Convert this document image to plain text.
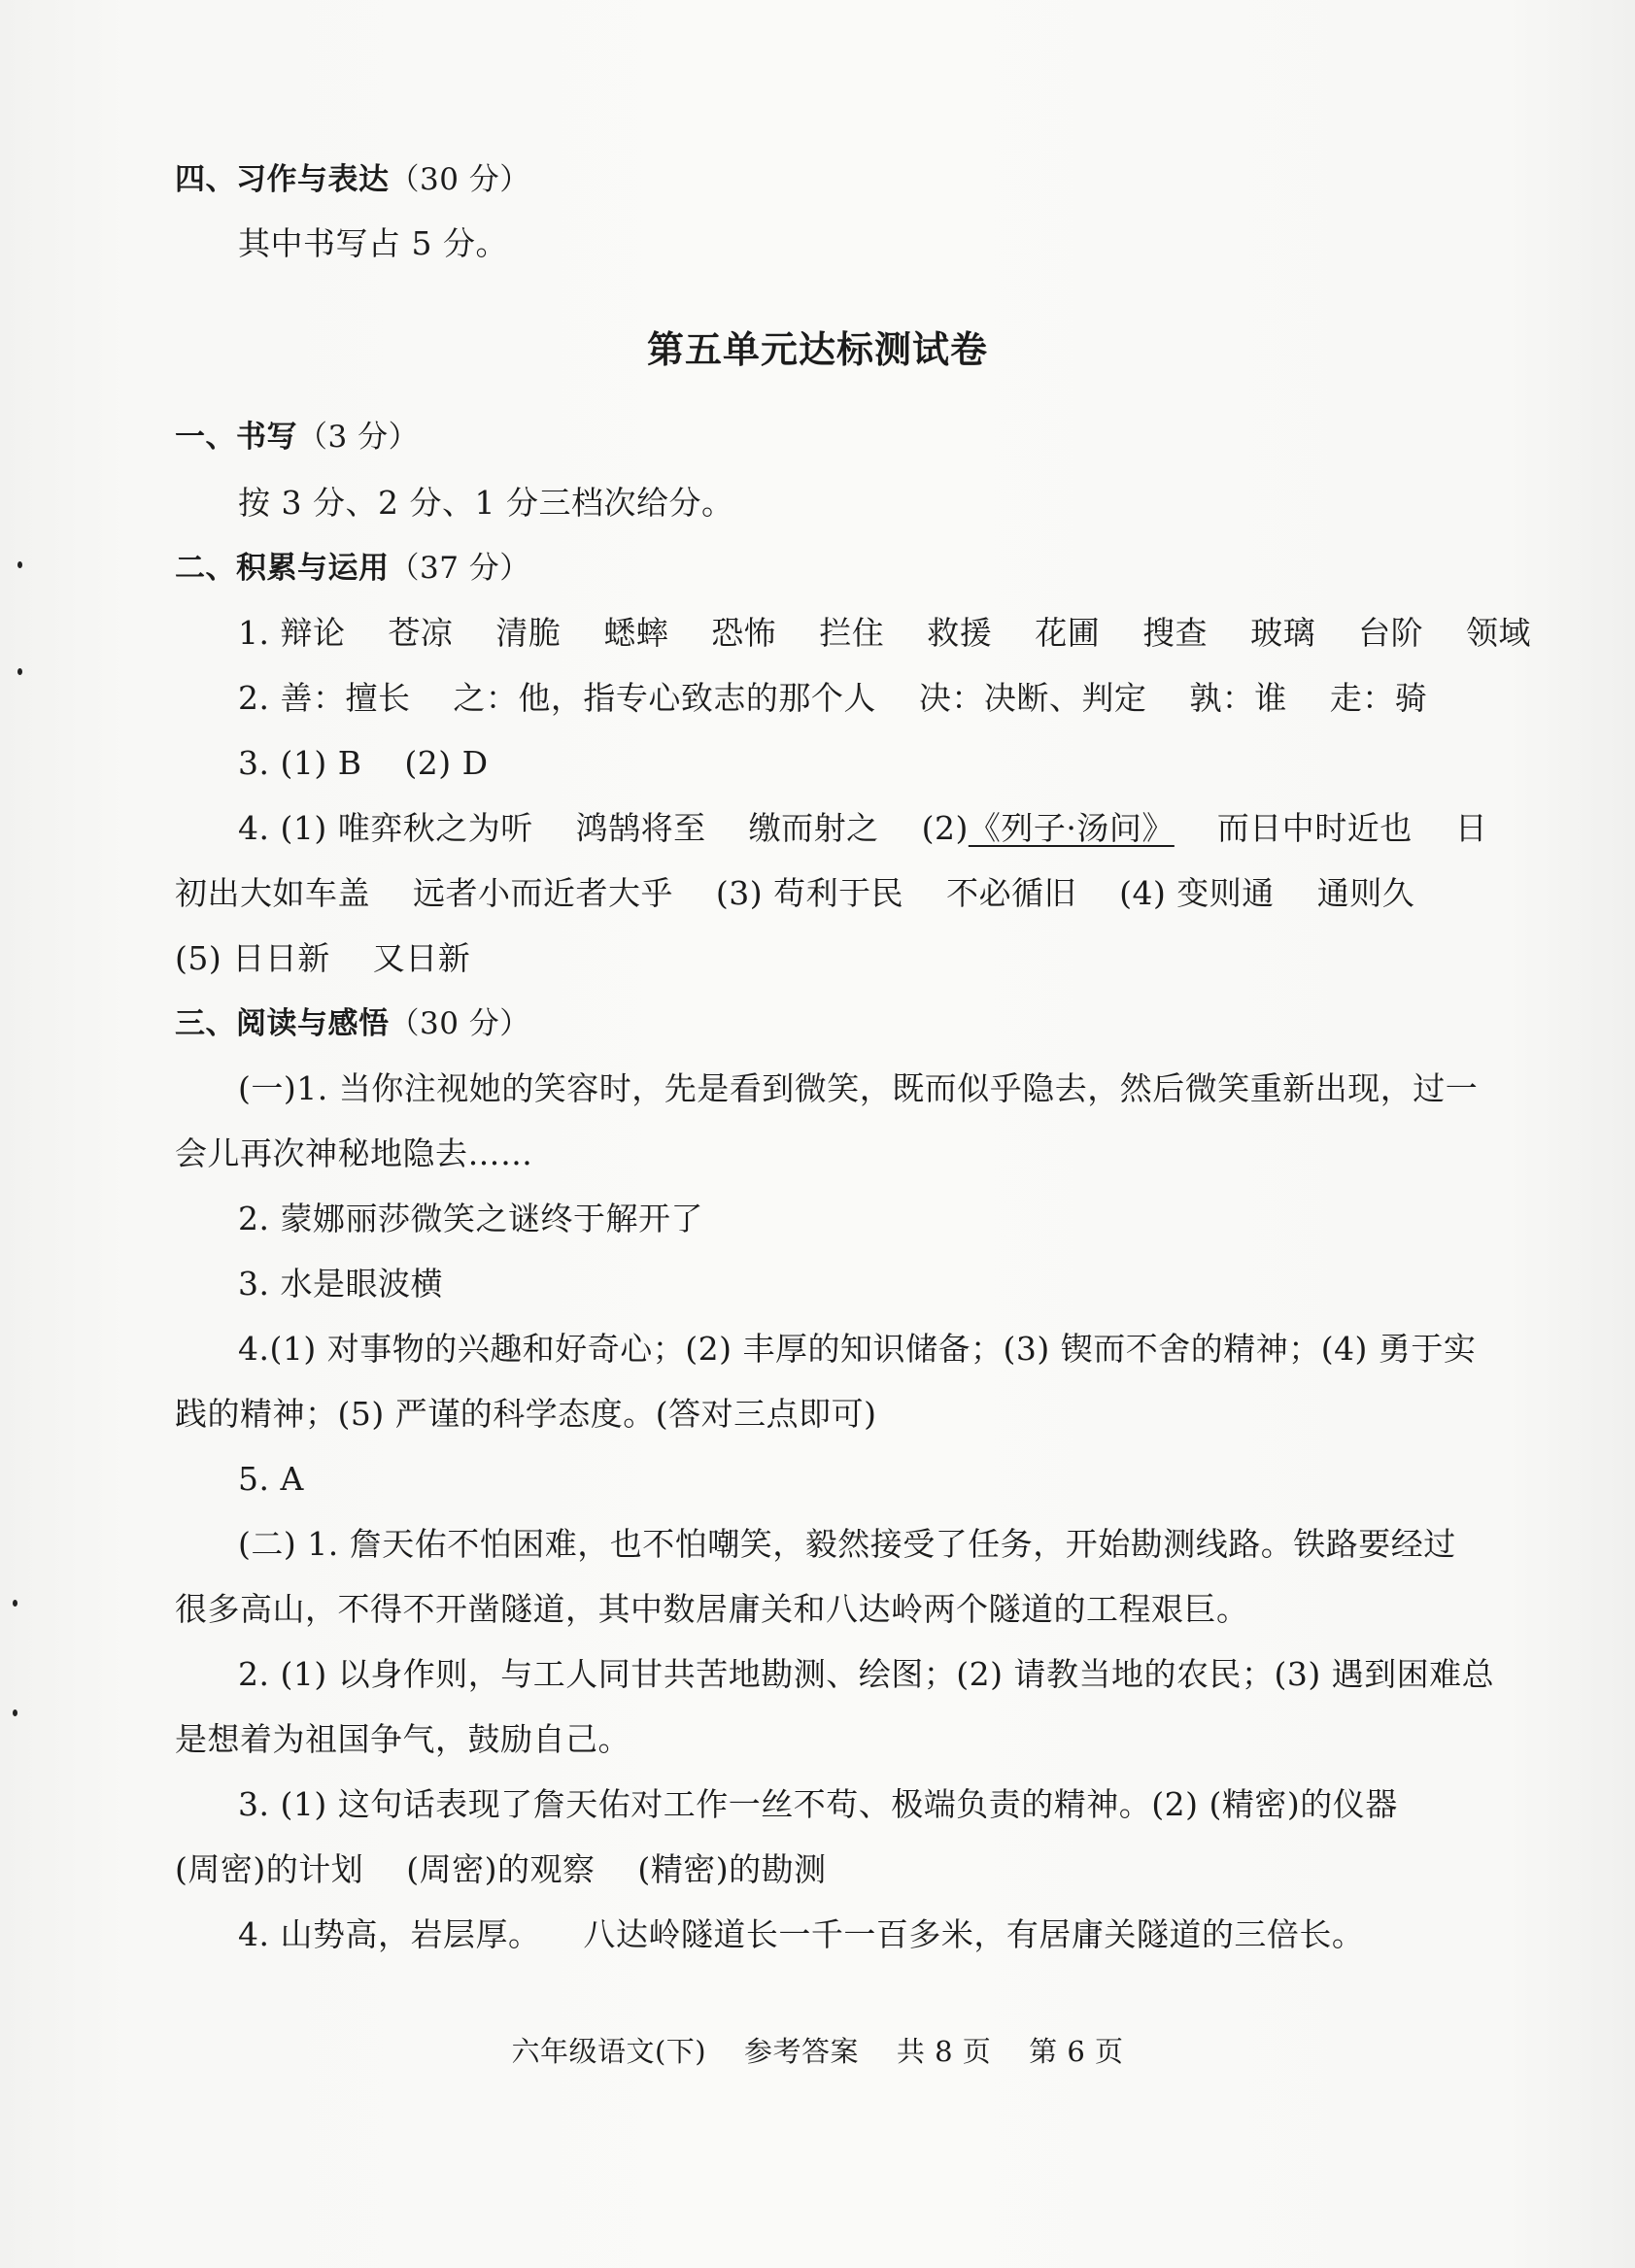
四、习作与表达（30 分）
其中书写占 5 分。
第五单元达标测试卷
一、书写（3 分）
按 3 分、2 分、1 分三档次给分。
二、积累与运用（37 分）
1. 辩论    苍凉    清脆    蟋蟀    恐怖    拦住    救援    花圃    搜查    玻璃    台阶    领域
2. 善：擅长    之：他，指专心致志的那个人    决：决断、判定    孰：谁    走：骑
3. (1) B    (2) D
4. (1) 唯弈秋之为听    鸿鹄将至    缴而射之    (2)《列子·汤问》    而日中时近也    日
初出大如车盖    远者小而近者大乎    (3) 苟利于民    不必循旧    (4) 变则通    通则久
(5) 日日新    又日新
三、阅读与感悟（30 分）
(一)1. 当你注视她的笑容时，先是看到微笑，既而似乎隐去，然后微笑重新出现，过一
会儿再次神秘地隐去……
2. 蒙娜丽莎微笑之谜终于解开了
3. 水是眼波横
4.(1) 对事物的兴趣和好奇心；(2) 丰厚的知识储备；(3) 锲而不舍的精神；(4) 勇于实
践的精神；(5) 严谨的科学态度。(答对三点即可)
5. A
(二) 1. 詹天佑不怕困难，也不怕嘲笑，毅然接受了任务，开始勘测线路。铁路要经过
很多高山，不得不开凿隧道，其中数居庸关和八达岭两个隧道的工程艰巨。
2. (1) 以身作则，与工人同甘共苦地勘测、绘图；(2) 请教当地的农民；(3) 遇到困难总
是想着为祖国争气，鼓励自己。
3. (1) 这句话表现了詹天佑对工作一丝不苟、极端负责的精神。(2) (精密)的仪器
(周密)的计划    (周密)的观察    (精密)的勘测
4. 山势高，岩层厚。    八达岭隧道长一千一百多米，有居庸关隧道的三倍长。
六年级语文(下)    参考答案    共 8 页    第 6 页
